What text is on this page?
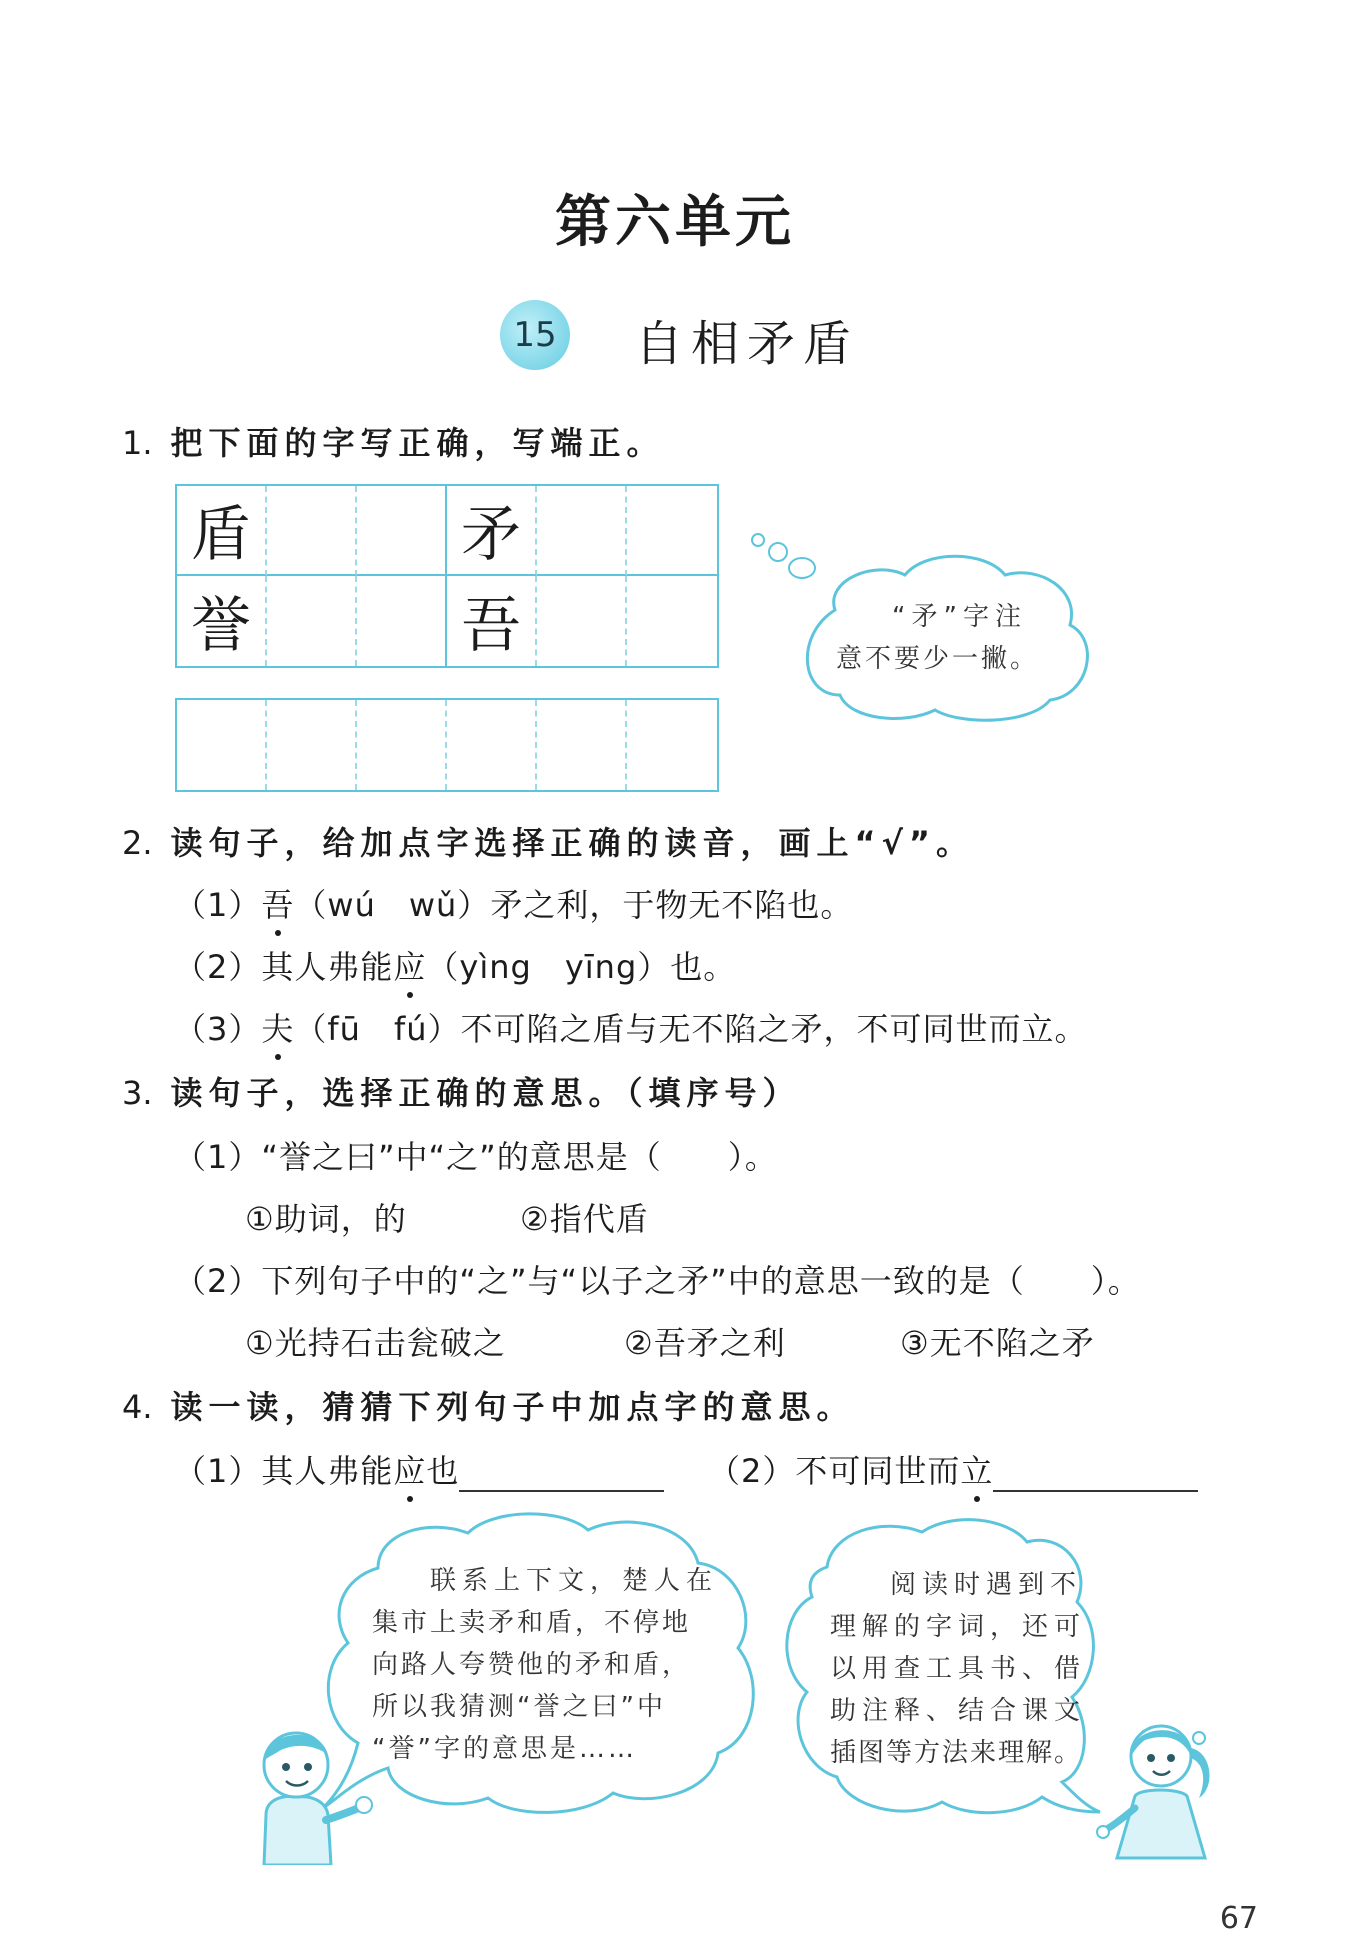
第六单元
15 自相矛盾
1. 把下面的字写正确，写端正。
盾	矛
誉	吾	“矛”字注
意不要少一撇。
2. 读句子，给加点字选择正确的读音，画上“√”。
（1）吾（wú　wǔ）矛之利，于物无不陷也。
（2）其人弗能应（yìng　yīng）也。
（3）夫（fū　fú）不可陷之盾与无不陷之矛，不可同世而立。
3. 读句子，选择正确的意思。（填序号）
（1）“誉之曰”中“之”的意思是（　　）。
①助词，的	②指代盾
（2）下列句子中的“之”与“以子之矛”中的意思一致的是（　　）。
①光持石击瓮破之	②吾矛之利	③无不陷之矛
4. 读一读，猜猜下列句子中加点字的意思。
（1）其人弗能应也	（2）不可同世而立
联系上下文，楚人在
集市上卖矛和盾，不停地
向路人夸赞他的矛和盾，
所以我猜测“誉之曰”中
“誉”字的意思是……
阅读时遇到不
理解的字词，还可
以用查工具书、借
助注释、结合课文
插图等方法来理解。
67
